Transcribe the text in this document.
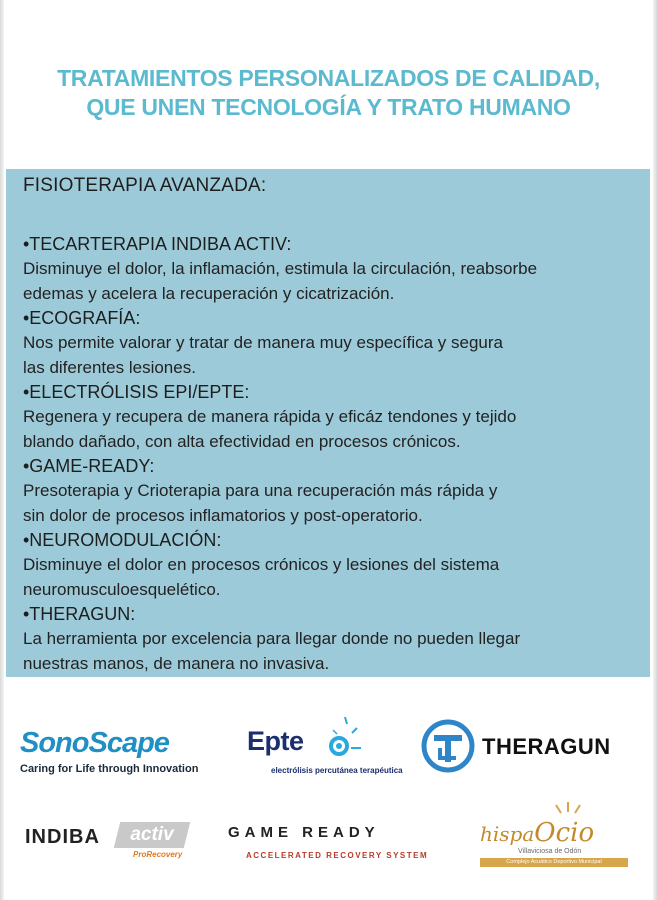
TRATAMIENTOS PERSONALIZADOS DE CALIDAD,
QUE UNEN TECNOLOGÍA Y TRATO HUMANO
FISIOTERAPIA AVANZADA:
•TECARTERAPIA INDIBA ACTIV:
Disminuye el dolor, la inflamación, estimula la circulación, reabsorbe
edemas y acelera la recuperación y cicatrización.
•ECOGRAFÍA:
Nos permite valorar y tratar de manera muy específica y segura
las diferentes lesiones.
•ELECTRÓLISIS EPI/EPTE:
Regenera y recupera de manera rápida y eficáz tendones y tejido
blando dañado, con alta efectividad en procesos crónicos.
•GAME-READY:
Presoterapia y Crioterapia para una recuperación más rápida y
sin dolor de procesos inflamatorios y post-operatorio.
•NEUROMODULACIÓN:
Disminuye el dolor en procesos crónicos y lesiones del sistema
neuromusculoesquelético.
•THERAGUN:
La herramienta por excelencia para llegar donde no pueden llegar
nuestras manos, de manera no invasiva.
SonoScape
Caring for Life through Innovation
Epte
electrólisis percutánea terapéutica
THERAGUN
INDIBA	activ
ProRecovery
GAME READY
ACCELERATED RECOVERY SYSTEM
hispaOcio
Villaviciosa de Odón
Complejo Acuático Deportivo Municipal
